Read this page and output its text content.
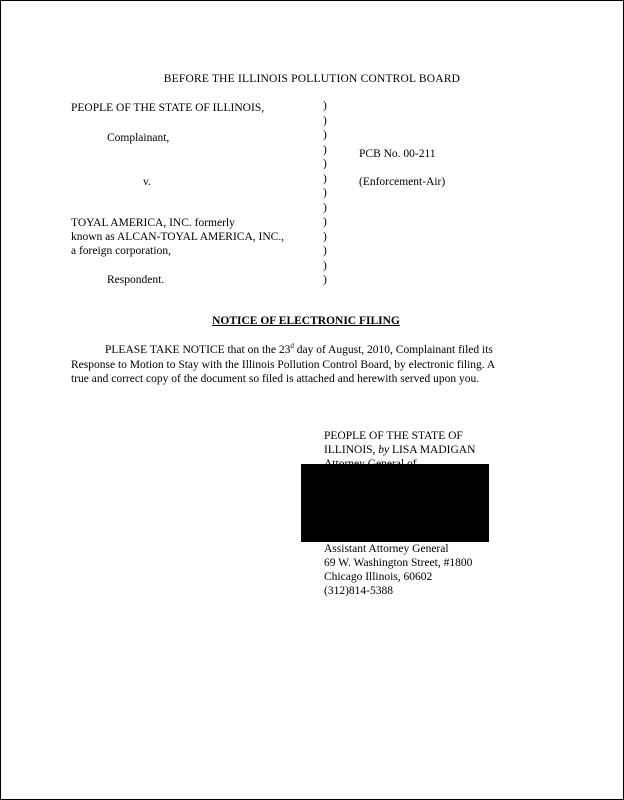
BEFORE THE ILLINOIS POLLUTION CONTROL BOARD
PEOPLE OF THE STATE OF ILLINOIS,
Complainant,
v.
TOYAL AMERICA, INC. formerly
known as ALCAN-TOYAL AMERICA, INC.,
a foreign corporation,
Respondent.
)
)
)
)
)
)
)
)
)
)
)
)
)
PCB No. 00-211
(Enforcement-Air)
NOTICE OF ELECTRONIC FILING
PLEASE TAKE NOTICE that on the 23$^d$ day of August, 2010, Complainant filed its
Response to Motion to Stay with the Illinois Pollution Control Board, by electronic filing. A
true and correct copy of the document so filed is attached and herewith served upon you.
PEOPLE OF THE STATE OF
ILLINOIS, by LISA MADIGAN
Assistant Attorney General
69 W. Washington Street, #1800
Chicago Illinois, 60602
(312)814-5388
